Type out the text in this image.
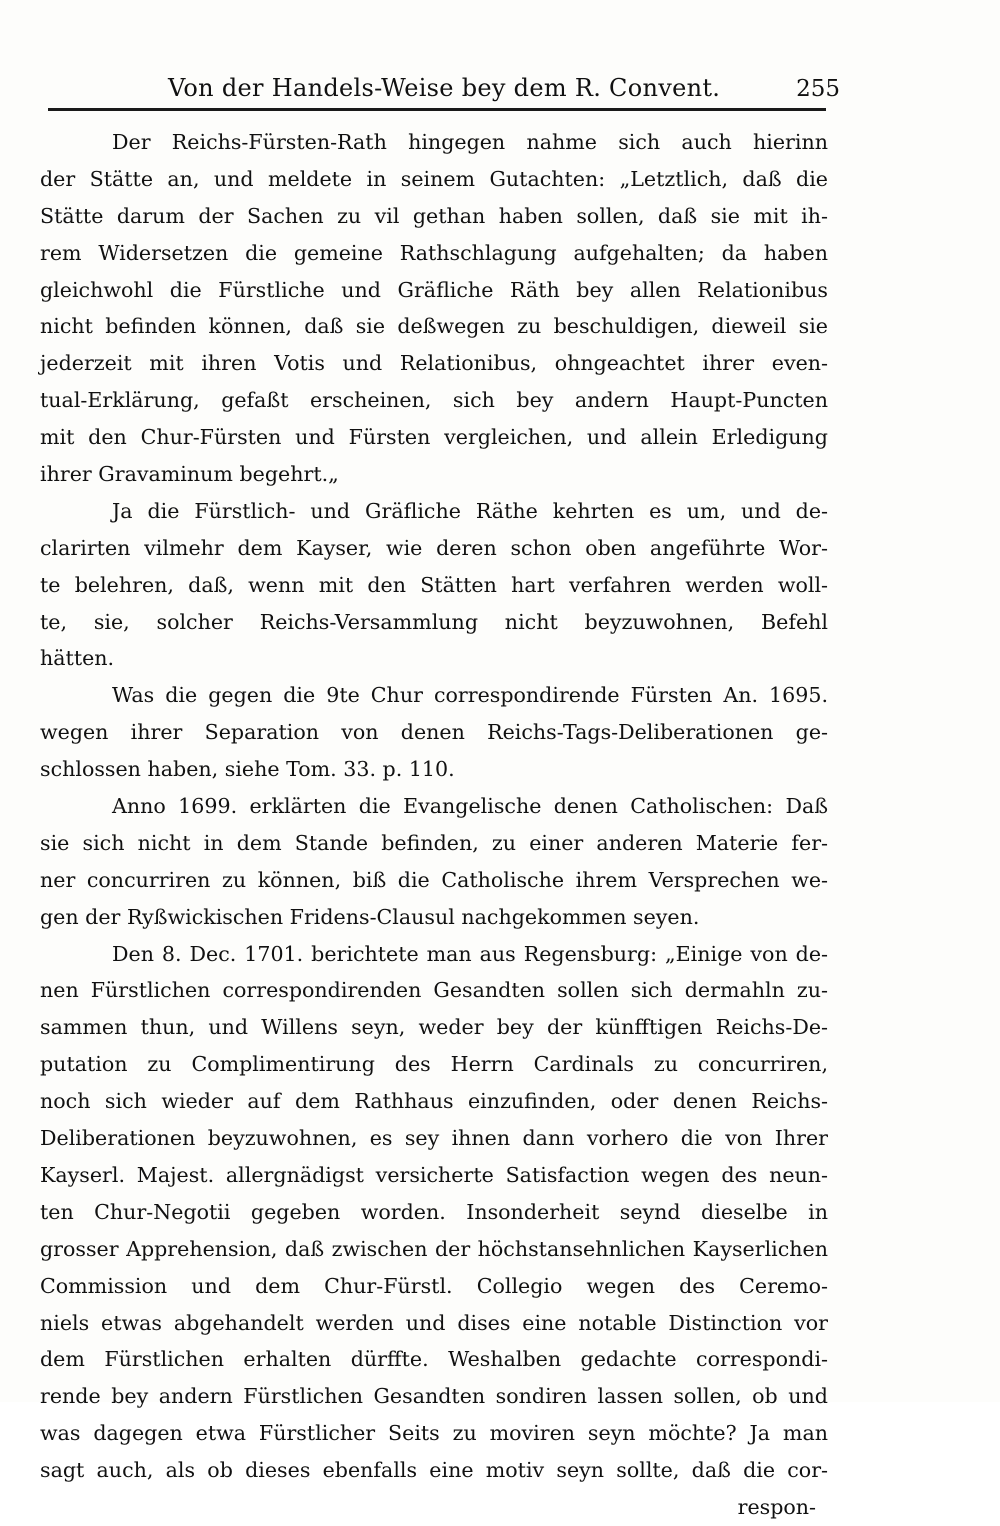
Von der Handels-Weise bey dem R. Convent.	255
Der Reichs-Fürsten-Rath hingegen nahme sich auch hierinn
der Stätte an, und meldete in seinem Gutachten: „Letztlich, daß die
Stätte darum der Sachen zu vil gethan haben sollen, daß sie mit ih-
rem Widersetzen die gemeine Rathschlagung aufgehalten; da haben
gleichwohl die Fürstliche und Gräfliche Räth bey allen Relationibus
nicht befinden können, daß sie deßwegen zu beschuldigen, dieweil sie
jederzeit mit ihren Votis und Relationibus, ohngeachtet ihrer even-
tual-Erklärung, gefaßt erscheinen, sich bey andern Haupt-Puncten
mit den Chur-Fürsten und Fürsten vergleichen, und allein Erledigung
ihrer Gravaminum begehrt.„
Ja die Fürstlich- und Gräfliche Räthe kehrten es um, und de-
clarirten vilmehr dem Kayser, wie deren schon oben angeführte Wor-
te belehren, daß, wenn mit den Stätten hart verfahren werden woll-
te, sie, solcher Reichs-Versammlung nicht beyzuwohnen, Befehl
hätten.
Was die gegen die 9te Chur correspondirende Fürsten An. 1695.
wegen ihrer Separation von denen Reichs-Tags-Deliberationen ge-
schlossen haben, siehe Tom. 33. p. 110.
Anno 1699. erklärten die Evangelische denen Catholischen: Daß
sie sich nicht in dem Stande befinden, zu einer anderen Materie fer-
ner concurriren zu können, biß die Catholische ihrem Versprechen we-
gen der Ryßwickischen Fridens-Clausul nachgekommen seyen.
Den 8. Dec. 1701. berichtete man aus Regensburg: „Einige von de-
nen Fürstlichen correspondirenden Gesandten sollen sich dermahln zu-
sammen thun, und Willens seyn, weder bey der künfftigen Reichs-De-
putation zu Complimentirung des Herrn Cardinals zu concurriren,
noch sich wieder auf dem Rathhaus einzufinden, oder denen Reichs-
Deliberationen beyzuwohnen, es sey ihnen dann vorhero die von Ihrer
Kayserl. Majest. allergnädigst versicherte Satisfaction wegen des neun-
ten Chur-Negotii gegeben worden. Insonderheit seynd dieselbe in
grosser Apprehension, daß zwischen der höchstansehnlichen Kayserlichen
Commission und dem Chur-Fürstl. Collegio wegen des Ceremo-
niels etwas abgehandelt werden und dises eine notable Distinction vor
dem Fürstlichen erhalten dürffte. Weshalben gedachte correspondi-
rende bey andern Fürstlichen Gesandten sondiren lassen sollen, ob und
was dagegen etwa Fürstlicher Seits zu moviren seyn möchte? Ja man
sagt auch, als ob dieses ebenfalls eine motiv seyn sollte, daß die cor-
respon-
